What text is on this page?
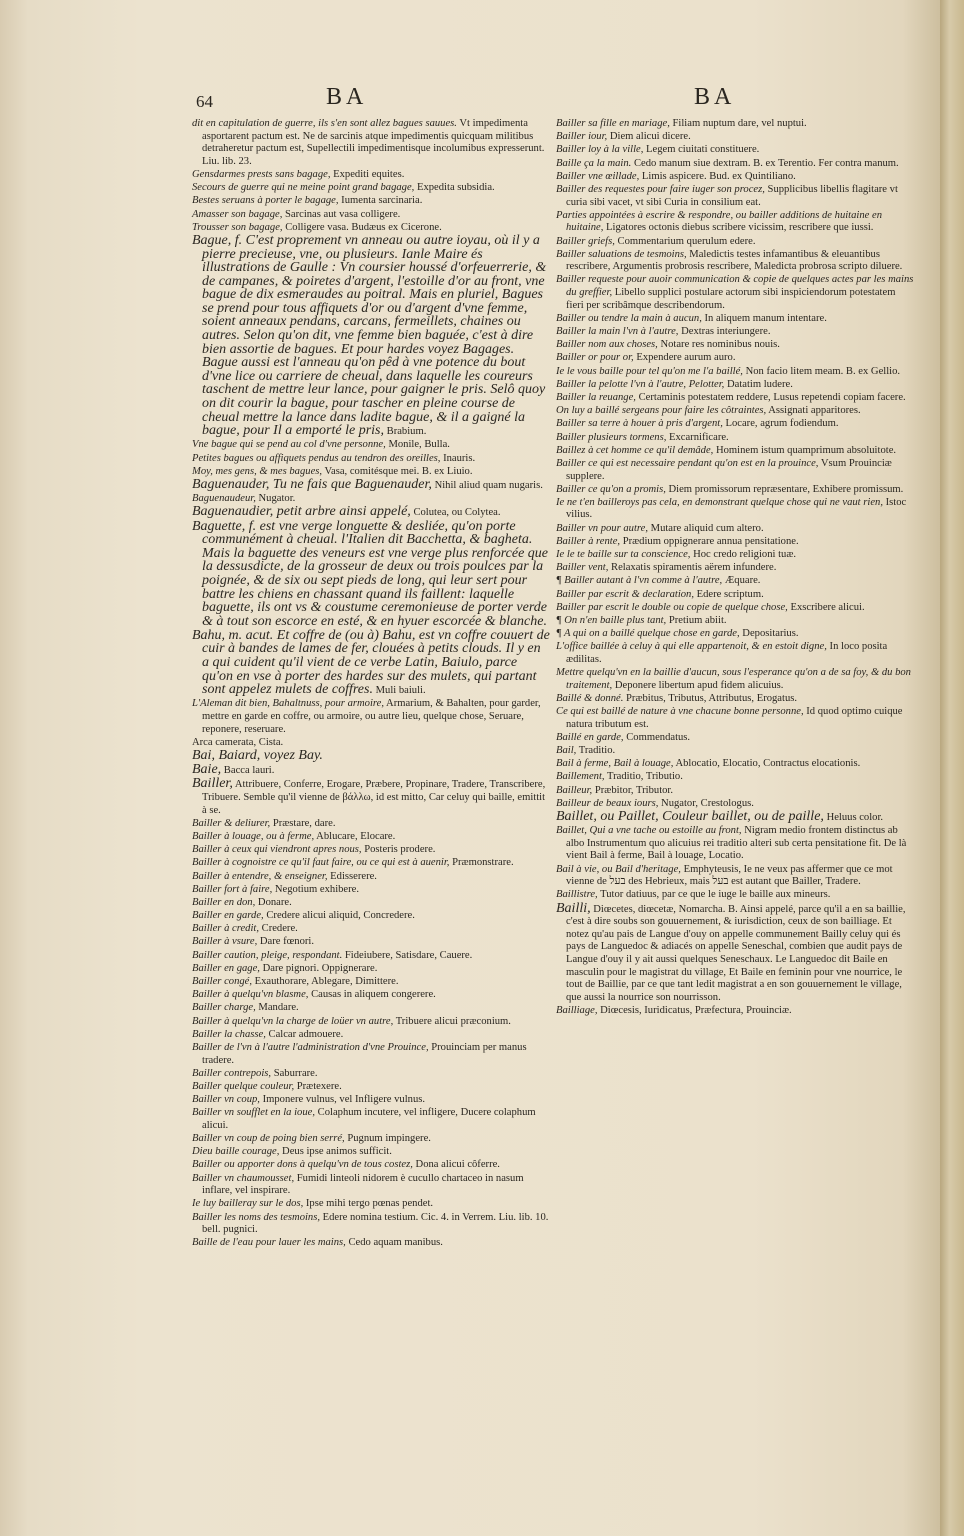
64	BA	BA
dit en capitulation de guerre, ils s'en sont allez bagues sauues. Vt impedimenta asportarent pactum est. Ne de sarcinis atque impedimentis quicquam militibus detraheretur pactum est, Supellectili impedimentisque incolumibus expresserunt. Liu. lib. 23.
Gensdarmes prests sans bagage, Expediti equites.
Secours de guerre qui ne meine point grand bagage, Expedita subsidia.
Bestes seruans à porter le bagage, Iumenta sarcinaria.
Amasser son bagage, Sarcinas aut vasa colligere.
Trousser son bagage, Colligere vasa. Budæus ex Cicerone.
Bague, f. C'est proprement vn anneau ou autre ioyau, où il y a pierre precieuse, vne, ou plusieurs. Ianle Maire és illustrations de Gaulle : Vn coursier houssé d'orfeuerrerie, & de campanes, & poiretes d'argent, l'estoille d'or au front, vne bague de dix esmeraudes au poitral. Mais en pluriel, Bagues se prend pour tous affiquets d'or ou d'argent d'vne femme, soient anneaux pendans, carcans, fermeillets, chaines ou autres. Selon qu'on dit, vne femme bien baguée, c'est à dire bien assortie de bagues. Et pour hardes voyez Bagages. Bague aussi est l'anneau qu'on pêd à vne potence du bout d'vne lice ou carriere de cheual, dans laquelle les coureurs taschent de mettre leur lance, pour gaigner le pris. Selô quoy on dit courir la bague, pour tascher en pleine course de cheual mettre la lance dans ladite bague, & il a gaigné la bague, pour Il a emporté le pris, Brabium.
Vne bague qui se pend au col d'vne personne, Monile, Bulla.
Petites bagues ou affiquets pendus au tendron des oreilles, Inauris.
Moy, mes gens, & mes bagues, Vasa, comitésque mei. B. ex Liuio.
Baguenauder, Tu ne fais que Baguenauder, Nihil aliud quam nugaris.
Baguenaudeur, Nugator.
Baguenaudier, petit arbre ainsi appelé, Colutea, ou Colytea.
Baguette, f. est vne verge longuette & desliée, qu'on porte communément à cheual. l'Italien dit Bacchetta, & bagheta. Mais la baguette des veneurs est vne verge plus renforcée que la dessusdicte, de la grosseur de deux ou trois poulces par la poignée, & de six ou sept pieds de long, qui leur sert pour battre les chiens en chassant quand ils faillent: laquelle baguette, ils ont vs & coustume ceremonieuse de porter verde & à tout son escorce en esté, & en hyuer escorcée & blanche.
Bahu, m. acut. Et coffre de (ou à) Bahu, est vn coffre couuert de cuir à bandes de lames de fer, clouées à petits clouds. Il y en a qui cuident qu'il vient de ce verbe Latin, Baiulo, parce qu'on en vse à porter des hardes sur des mulets, qui partant sont appelez mulets de coffres. Muli baiuli.
L'Aleman dit bien, Bahaltnuss, pour armoire, Armarium, & Bahalten, pour garder, mettre en garde en coffre, ou armoire, ou autre lieu, quelque chose, Seruare, reponere, reseruare.
Arca camerata, Cista.
Bai, Baiard, voyez Bay.
Baie, Bacca lauri.
Bailler, Attribuere, Conferre, Erogare, Præbere, Propinare, Tradere, Transcribere, Tribuere. Semble qu'il vienne de βάλλω, id est mitto, Car celuy qui baille, emittit à se.
Bailler & deliurer, Præstare, dare.
Bailler à louage, ou à ferme, Ablucare, Elocare.
Bailler à ceux qui viendront apres nous, Posteris prodere.
Bailler à cognoistre ce qu'il faut faire, ou ce qui est à auenir, Præmonstrare.
Bailler à entendre, & enseigner, Edisserere.
Bailler fort à faire, Negotium exhibere.
Bailler en don, Donare.
Bailler en garde, Credere alicui aliquid, Concredere.
Bailler à credit, Credere.
Bailler à vsure, Dare fœnori.
Bailler caution, pleige, respondant. Fideiubere, Satisdare, Cauere.
Bailler en gage, Dare pignori. Oppignerare.
Bailler congé, Exauthorare, Ablegare, Dimittere.
Bailler à quelqu'vn blasme, Causas in aliquem congerere.
Bailler charge, Mandare.
Bailler à quelqu'vn la charge de loüer vn autre, Tribuere alicui præconium.
Bailler la chasse, Calcar admouere.
Bailler de l'vn à l'autre l'administration d'vne Prouince, Prouinciam per manus tradere.
Bailler contrepois, Saburrare.
Bailler quelque couleur, Prætexere.
Bailler vn coup, Imponere vulnus, vel Infligere vulnus.
Bailler vn soufflet en la ioue, Colaphum incutere, vel infligere, Ducere colaphum alicui.
Bailler vn coup de poing bien serré, Pugnum impingere.
Dieu baille courage, Deus ipse animos sufficit.
Bailler ou apporter dons à quelqu'vn de tous costez, Dona alicui côferre.
Bailler vn chaumousset, Fumidi linteoli nidorem è cucullo chartaceo in nasum inflare, vel inspirare.
Ie luy bailleray sur le dos, Ipse mihi tergo pœnas pendet.
Bailler les noms des tesmoins, Edere nomina testium. Cic. 4. in Verrem. Liu. lib. 10. bell. pugnici.
Baille de l'eau pour lauer les mains, Cedo aquam manibus.
Bailler sa fille en mariage, Filiam nuptum dare, vel nuptui.
Bailler iour, Diem alicui dicere.
Bailler loy à la ville, Legem ciuitati constituere.
Baille ça la main. Cedo manum siue dextram. B. ex Terentio. Fer contra manum.
Bailler vne œillade, Limis aspicere. Bud. ex Quintiliano.
Bailler des requestes pour faire iuger son procez, Supplicibus libellis flagitare vt curia sibi vacet, vt sibi Curia in consilium eat.
Parties appointées à escrire & respondre, ou bailler additions de huitaine en huitaine, Ligatores octonis diebus scribere vicissim, rescribere que iussi.
Bailler griefs, Commentarium querulum edere.
Bailler saluations de tesmoins, Maledictis testes infamantibus & eleuantibus rescribere, Argumentis probrosis rescribere, Maledicta probrosa scripto diluere.
Bailler requeste pour auoir communication & copie de quelques actes par les mains du greffier, Libello supplici postulare actorum sibi inspiciendorum potestatem fieri per scribâmque describendorum.
Bailler ou tendre la main à aucun, In aliquem manum intentare.
Bailler la main l'vn à l'autre, Dextras interiungere.
Bailler nom aux choses, Notare res nominibus nouis.
Bailler or pour or, Expendere aurum auro.
Ie le vous baille pour tel qu'on me l'a baillé, Non facio litem meam. B. ex Gellio.
Bailler la pelotte l'vn à l'autre, Pelotter, Datatim ludere.
Bailler la reuange, Certaminis potestatem reddere, Lusus repetendi copiam facere.
On luy a baillé sergeans pour faire les côtraintes, Assignati apparitores.
Bailler sa terre à houer à pris d'argent, Locare, agrum fodiendum.
Bailler plusieurs tormens, Excarnificare.
Baillez à cet homme ce qu'il demâde, Hominem istum quamprimum absoluitote.
Bailler ce qui est necessaire pendant qu'on est en la prouince, Vsum Prouinciæ supplere.
Bailler ce qu'on a promis, Diem promissorum repræsentare, Exhibere promissum.
Ie ne t'en bailleroys pas cela, en demonstrant quelque chose qui ne vaut rien, Istoc vilius.
Bailler vn pour autre, Mutare aliquid cum altero.
Bailler à rente, Prædium oppignerare annua pensitatione.
Ie le te baille sur ta conscience, Hoc credo religioni tuæ.
Bailler vent, Relaxatis spiramentis aërem infundere.
¶ Bailler autant à l'vn comme à l'autre, Æquare.
Bailler par escrit & declaration, Edere scriptum.
Bailler par escrit le double ou copie de quelque chose, Exscribere alicui.
¶ On n'en baille plus tant, Pretium abiit.
¶ A qui on a baillé quelque chose en garde, Depositarius.
L'office baillée à celuy à qui elle appartenoit, & en estoit digne, In loco posita ædilitas.
Mettre quelqu'vn en la baillie d'aucun, sous l'esperance qu'on a de sa foy, & du bon traitement, Deponere libertum apud fidem alicuius.
Baillé & donné. Præbitus, Tributus, Attributus, Erogatus.
Ce qui est baillé de nature à vne chacune bonne personne, Id quod optimo cuique natura tributum est.
Baillé en garde, Commendatus.
Bail, Traditio.
Bail à ferme, Bail à louage, Ablocatio, Elocatio, Contractus elocationis.
Baillement, Traditio, Tributio.
Bailleur, Præbitor, Tributor.
Bailleur de beaux iours, Nugator, Crestologus.
Baillet, ou Paillet, Couleur baillet, ou de paille, Heluus color.
Baillet, Qui a vne tache ou estoille au front, Nigram medio frontem distinctus ab albo Instrumentum quo alicuius rei traditio alteri sub certa pensitatione fit. De là vient Bail à ferme, Bail à louage, Locatio.
Bail à vie, ou Bail d'heritage, Emphyteusis, Ie ne veux pas affermer que ce mot vienne de בעל des Hebrieux, mais בעל est autant que Bailler, Tradere.
Baillistre, Tutor datiuus, par ce que le iuge le baille aux mineurs.
Bailli, Diœcetes, diœcetæ, Nomarcha. B. Ainsi appelé, parce qu'il a en sa baillie, c'est à dire soubs son gouuernement, & iurisdiction, ceux de son bailliage. Et notez qu'au pais de Langue d'ouy on appelle communement Bailly celuy qui és pays de Languedoc & adiacés on appelle Seneschal, combien que audit pays de Langue d'ouy il y ait aussi quelques Seneschaux. Le Languedoc dit Baile en masculin pour le magistrat du village, Et Baile en feminin pour vne nourrice, le tout de Baillie, par ce que tant ledit magistrat a en son gouuernement le village, que aussi la nourrice son nourrisson.
Bailliage, Diœcesis, Iuridicatus, Præfectura, Prouinciæ.
